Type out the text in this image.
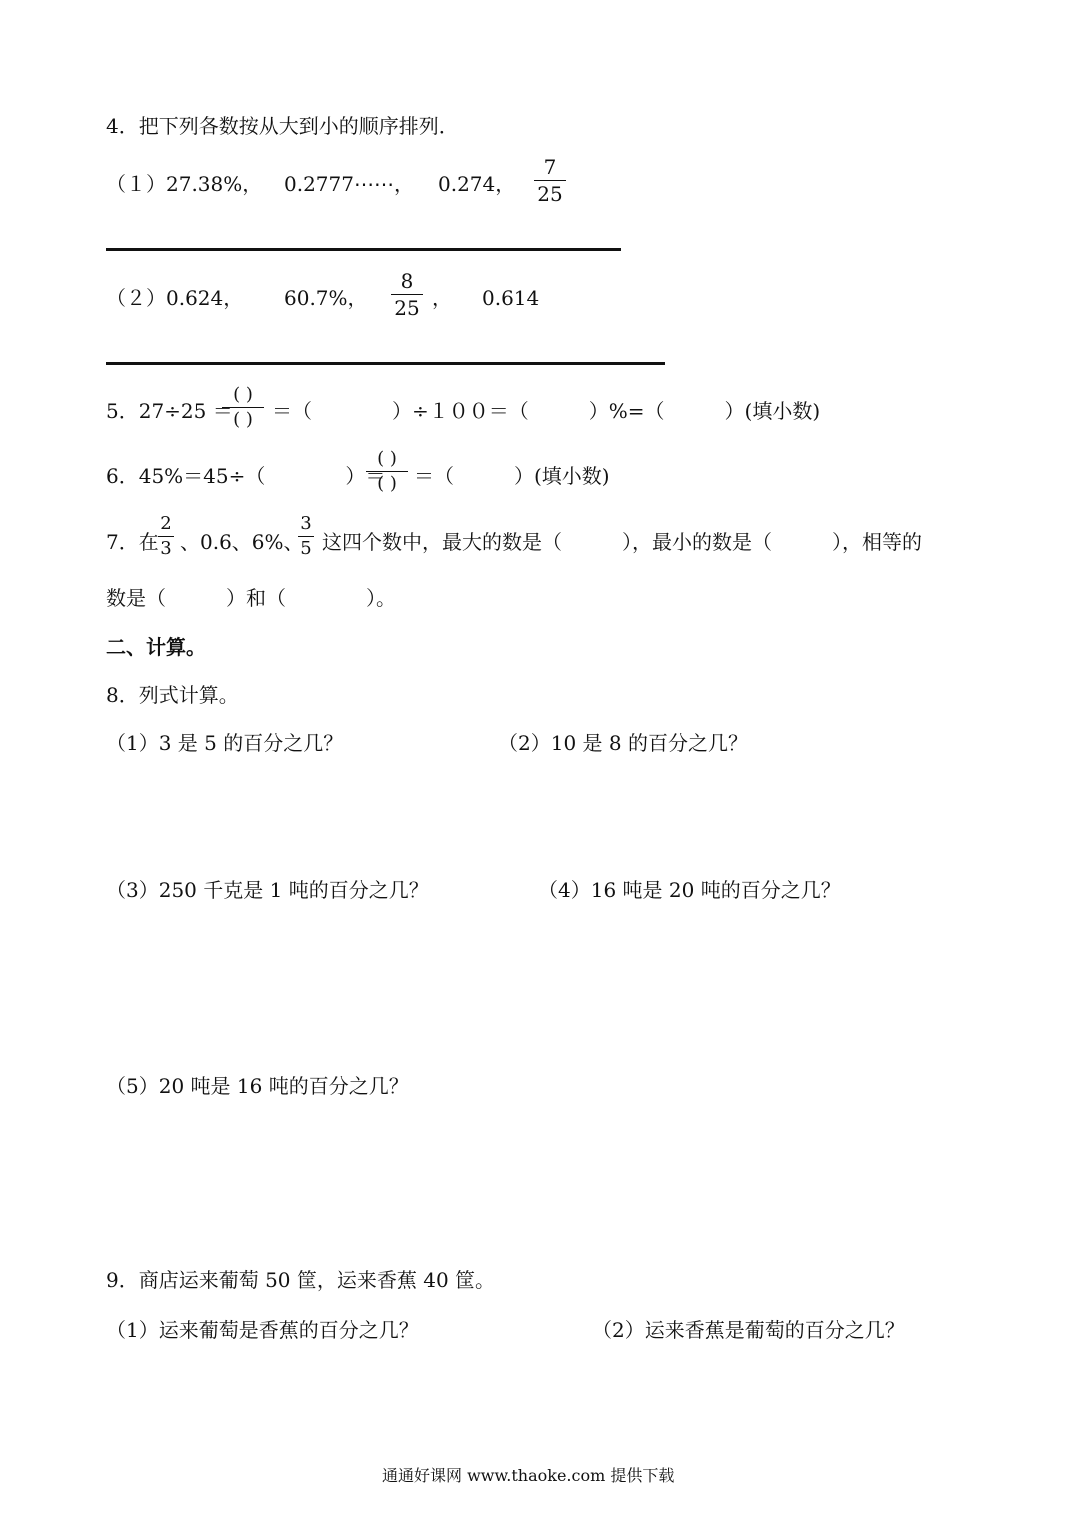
4．把下列各数按从大到小的顺序排列．
（１）27.38%， 0.2777⋯⋯， 0.274，
7
25
（２）0.624， 60.7%，
8
25 ， 0.614
5．27÷25 ＝
( )
( ) ＝（　　　　）÷１００＝（　　　）%=（　　　）(填小数)
6．45%＝45÷（　　　　）＝
( )
( ) ＝（　　　）(填小数)
7．在
2
3 、0.6、6%、
3
5 这四个数中，最大的数是（　　　），最小的数是（　　　），相等的
数是（　　　）和（　　　　）。
二、计算。
8．列式计算。
（1）3 是 5 的百分之几？	（2）10 是 8 的百分之几？
（3）250 千克是 1 吨的百分之几？	（4）16 吨是 20 吨的百分之几？
（5）20 吨是 16 吨的百分之几？
9．商店运来葡萄 50 筐，运来香蕉 40 筐。
（1）运来葡萄是香蕉的百分之几？	（2）运来香蕉是葡萄的百分之几？
通通好课网 www.thaoke.com 提供下载
